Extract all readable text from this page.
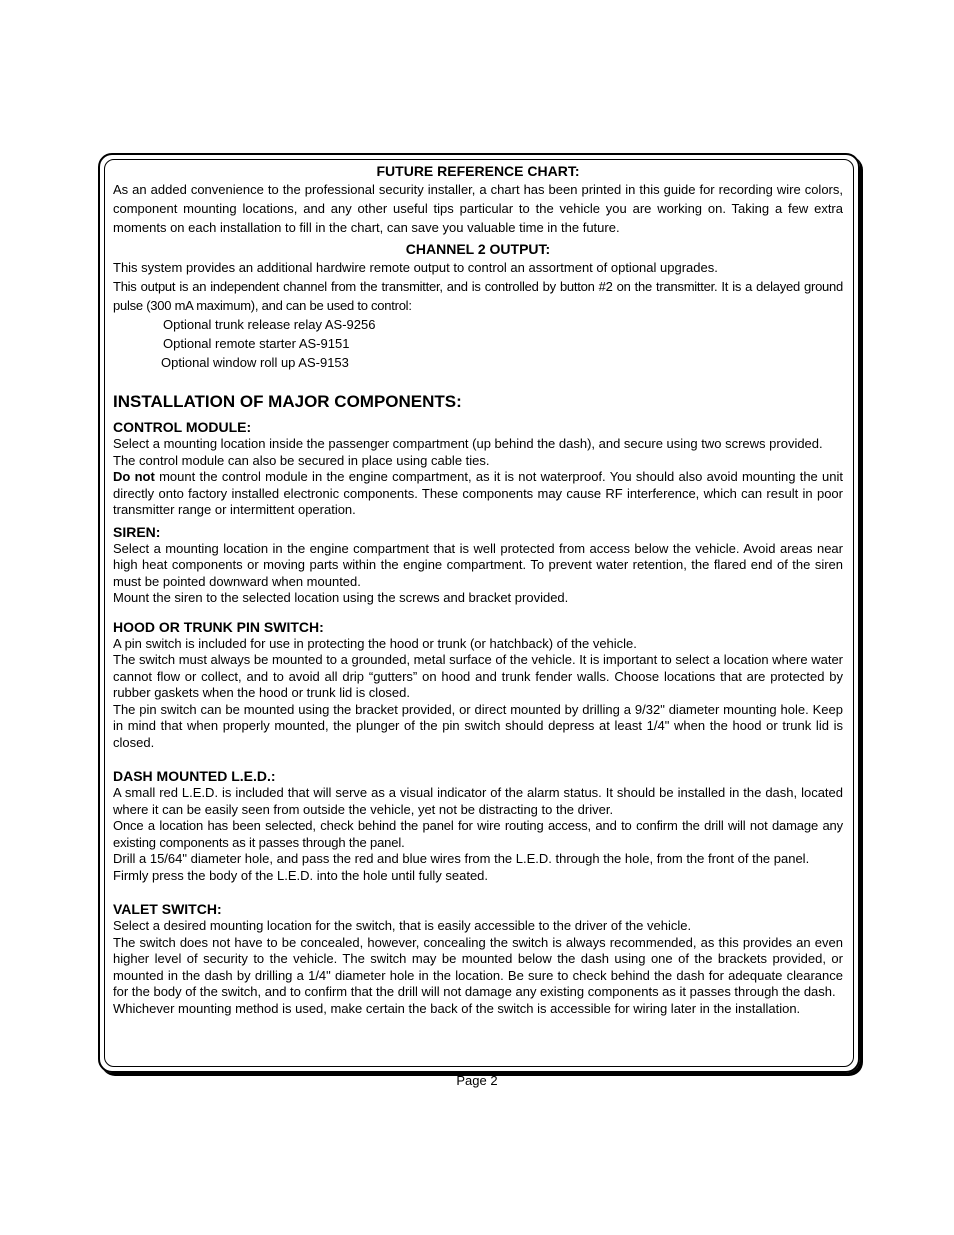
FUTURE REFERENCE CHART:

As an added convenience to the professional security installer, a chart has been printed in this guide for recording wire colors, component mounting locations, and any other useful tips particular to the vehicle you are working on. Taking a few extra moments on each installation to fill in the chart, can save you valuable time in the future.

CHANNEL 2 OUTPUT:

This system provides an additional hardwire remote output to control an assortment of optional upgrades.

This output is an independent channel from the transmitter, and is controlled by button #2 on the transmitter. It is a delayed ground pulse (300 mA maximum), and can be used to control:

Optional trunk release relay AS-9256

Optional remote starter AS-9151

Optional window roll up AS-9153

INSTALLATION OF MAJOR COMPONENTS:
CONTROL MODULE:

Select a mounting location inside the passenger compartment (up behind the dash), and secure using two screws provided.

The control module can also be secured in place using cable ties.

Do not mount the control module in the engine compartment, as it is not waterproof. You should also avoid mounting the unit directly onto factory installed electronic components. These components may cause RF interference, which can result in poor transmitter range or intermittent operation.

SIREN:

Select a mounting location in the engine compartment that is well protected from access below the vehicle. Avoid areas near high heat components or moving parts within the engine compartment. To prevent water retention, the flared end of the siren must be pointed downward when mounted.

Mount the siren to the selected location using the screws and bracket provided.

HOOD OR TRUNK PIN SWITCH:

A pin switch is included for use in protecting the hood or trunk (or hatchback) of the vehicle.

The switch must always be mounted to a grounded, metal surface of the vehicle. It is important to select a location where water cannot flow or collect, and to avoid all drip “gutters” on hood and trunk fender walls. Choose locations that are protected by rubber gaskets when the hood or trunk lid is closed.

The pin switch can be mounted using the bracket provided, or direct mounted by drilling a 9/32" diameter mounting hole. Keep in mind that when properly mounted, the plunger of the pin switch should depress at least 1/4" when the hood or trunk lid is closed.

DASH MOUNTED L.E.D.:

A small red L.E.D. is included that will serve as a visual indicator of the alarm status. It should be installed in the dash, located where it can be easily seen from outside the vehicle, yet not be distracting to the driver.

Once a location has been selected, check behind the panel for wire routing access, and to confirm the drill will not damage any existing components as it passes through the panel.

Drill a 15/64" diameter hole, and pass the red and blue wires from the L.E.D. through the hole, from the front of the panel.

Firmly press the body of the L.E.D. into the hole until fully seated.

VALET SWITCH:

Select a desired mounting location for the switch, that is easily accessible to the driver of the vehicle.

The switch does not have to be concealed, however, concealing the switch is always recommended, as this provides an even higher level of security to the vehicle. The switch may be mounted below the dash using one of the brackets provided, or mounted in the dash by drilling a 1/4" diameter hole in the location. Be sure to check behind the dash for adequate clearance for the body of the switch, and to confirm that the drill will not damage any existing components as it passes through the dash.

Whichever mounting method is used, make certain the back of the switch is accessible for wiring later in the installation.

Page 2
